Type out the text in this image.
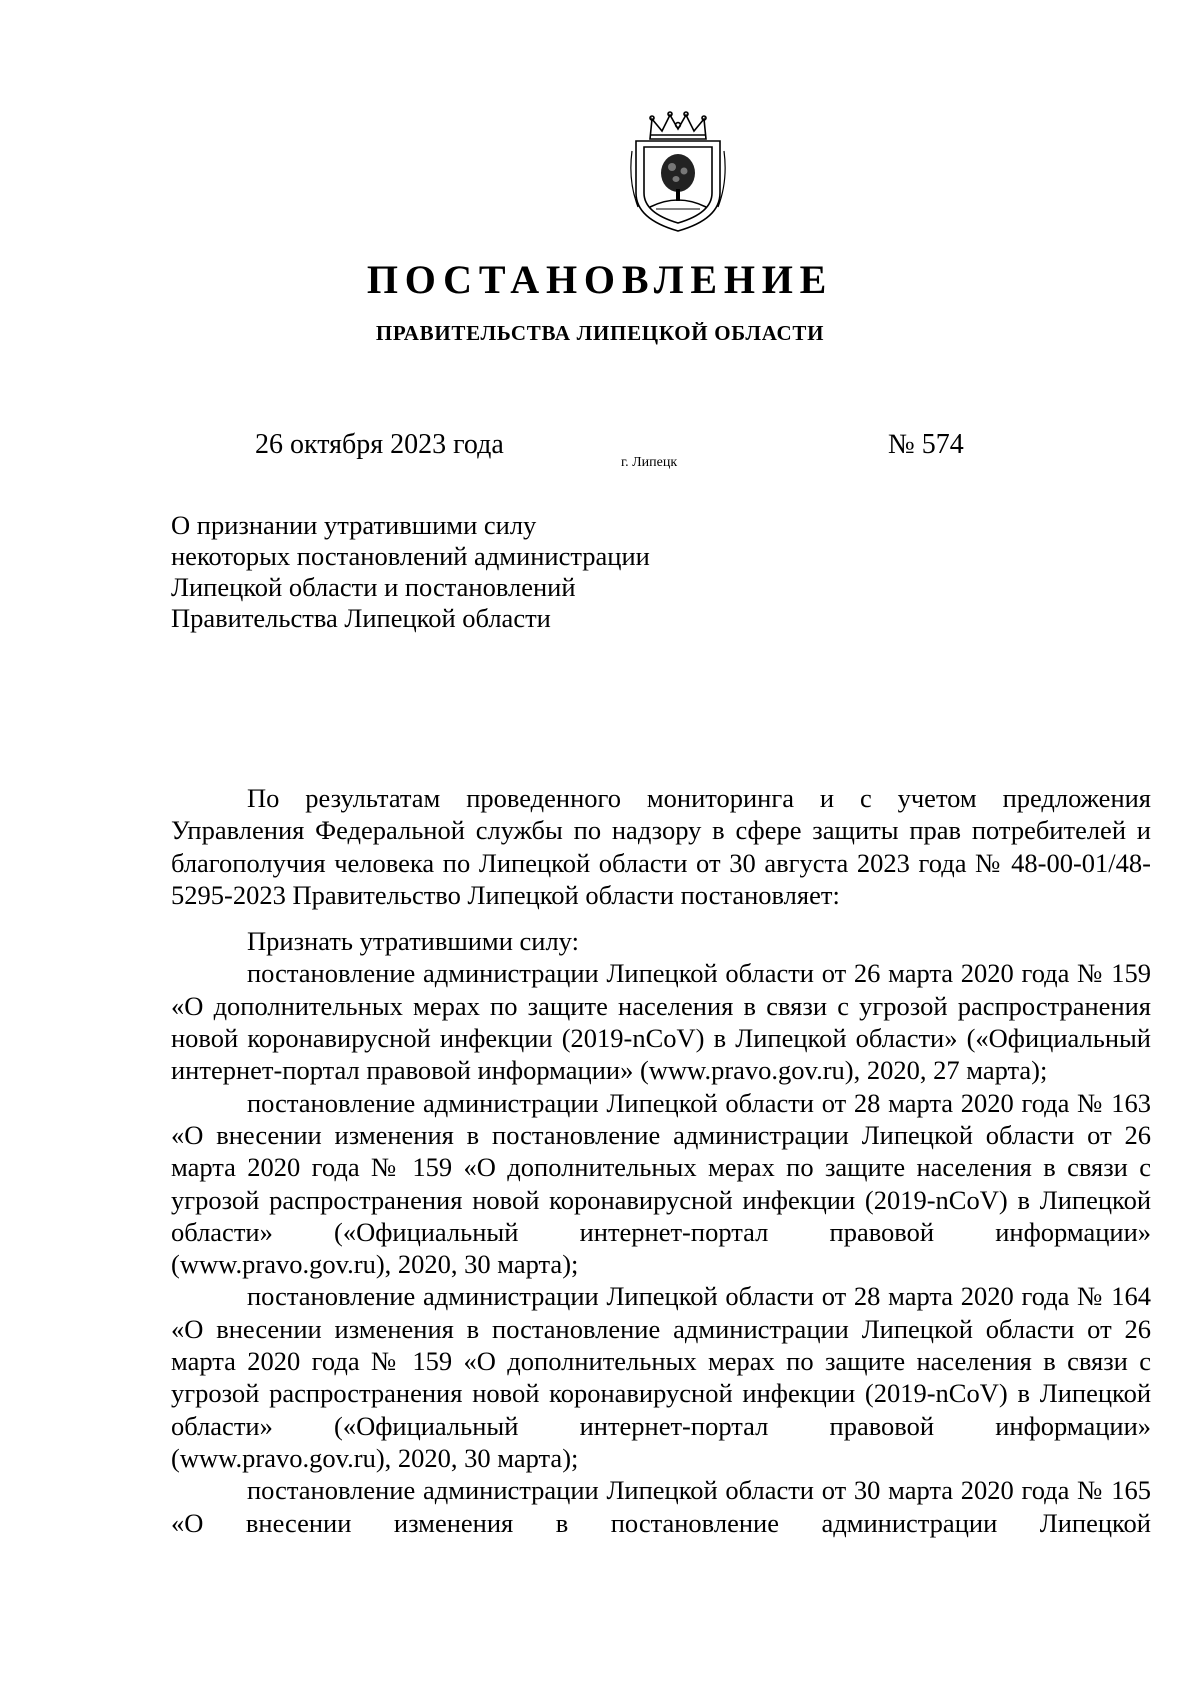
ПОСТАНОВЛЕНИЕ
ПРАВИТЕЛЬСТВА ЛИПЕЦКОЙ ОБЛАСТИ
26 октября 2023 года
г. Липецк
№ 574
О признании утратившими силу
некоторых постановлений администрации
Липецкой области и постановлений
Правительства Липецкой области

По результатам проведенного мониторинга и с учетом предложения Управления Федеральной службы по надзору в сфере защиты прав потребителей и благополучия человека по Липецкой области от 30 августа 2023 года № 48-00-01/48-5295-2023 Правительство Липецкой области постановляет:

Признать утратившими силу:

постановление администрации Липецкой области от 26 марта 2020 года № 159 «О дополнительных мерах по защите населения в связи с угрозой распространения новой коронавирусной инфекции (2019-nCoV) в Липецкой области» («Официальный интернет-портал правовой информации» (www.pravo.gov.ru), 2020, 27 марта);

постановление администрации Липецкой области от 28 марта 2020 года № 163 «О внесении изменения в постановление администрации Липецкой области от 26 марта 2020 года № 159 «О дополнительных мерах по защите населения в связи с угрозой распространения новой коронавирусной инфекции (2019-nCoV) в Липецкой области» («Официальный интернет-портал правовой информации» (www.pravo.gov.ru), 2020, 30 марта);

постановление администрации Липецкой области от 28 марта 2020 года № 164 «О внесении изменения в постановление администрации Липецкой области от 26 марта 2020 года № 159 «О дополнительных мерах по защите населения в связи с угрозой распространения новой коронавирусной инфекции (2019-nCoV) в Липецкой области» («Официальный интернет-портал правовой информации» (www.pravo.gov.ru), 2020, 30 марта);

постановление администрации Липецкой области от 30 марта 2020 года № 165 «О внесении изменения в постановление администрации Липецкой
